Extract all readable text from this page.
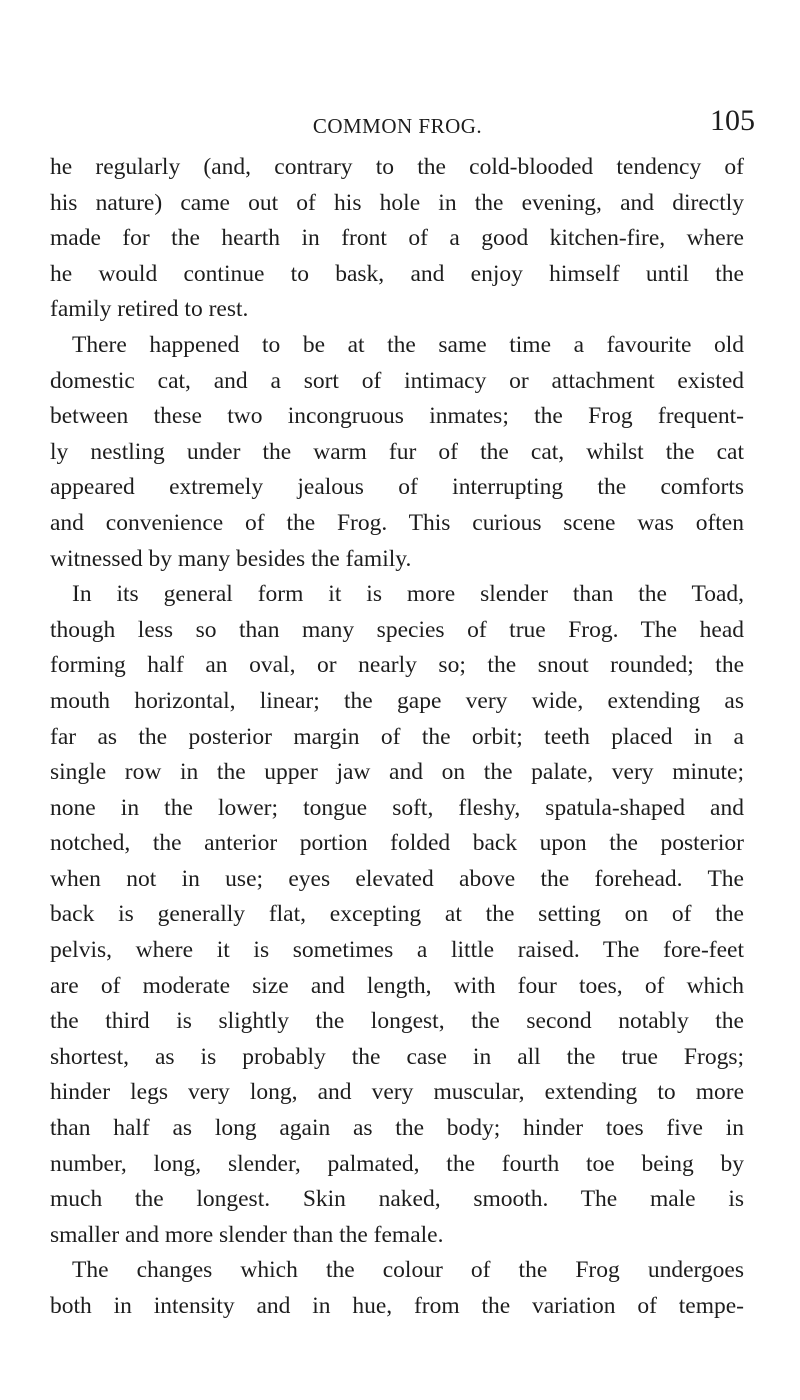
COMMON FROG.	105
he regularly (and, contrary to the cold-blooded tendency of
his nature) came out of his hole in the evening, and directly
made for the hearth in front of a good kitchen-fire, where
he would continue to bask, and enjoy himself until the
family retired to rest.
There happened to be at the same time a favourite old
domestic cat, and a sort of intimacy or attachment existed
between these two incongruous inmates; the Frog frequent-
ly nestling under the warm fur of the cat, whilst the cat
appeared extremely jealous of interrupting the comforts
and convenience of the Frog. This curious scene was often
witnessed by many besides the family.
In its general form it is more slender than the Toad,
though less so than many species of true Frog. The head
forming half an oval, or nearly so; the snout rounded; the
mouth horizontal, linear; the gape very wide, extending as
far as the posterior margin of the orbit; teeth placed in a
single row in the upper jaw and on the palate, very minute;
none in the lower; tongue soft, fleshy, spatula-shaped and
notched, the anterior portion folded back upon the posterior
when not in use; eyes elevated above the forehead. The
back is generally flat, excepting at the setting on of the
pelvis, where it is sometimes a little raised. The fore-feet
are of moderate size and length, with four toes, of which
the third is slightly the longest, the second notably the
shortest, as is probably the case in all the true Frogs;
hinder legs very long, and very muscular, extending to more
than half as long again as the body; hinder toes five in
number, long, slender, palmated, the fourth toe being by
much the longest. Skin naked, smooth. The male is
smaller and more slender than the female.
The changes which the colour of the Frog undergoes
both in intensity and in hue, from the variation of tempe-
